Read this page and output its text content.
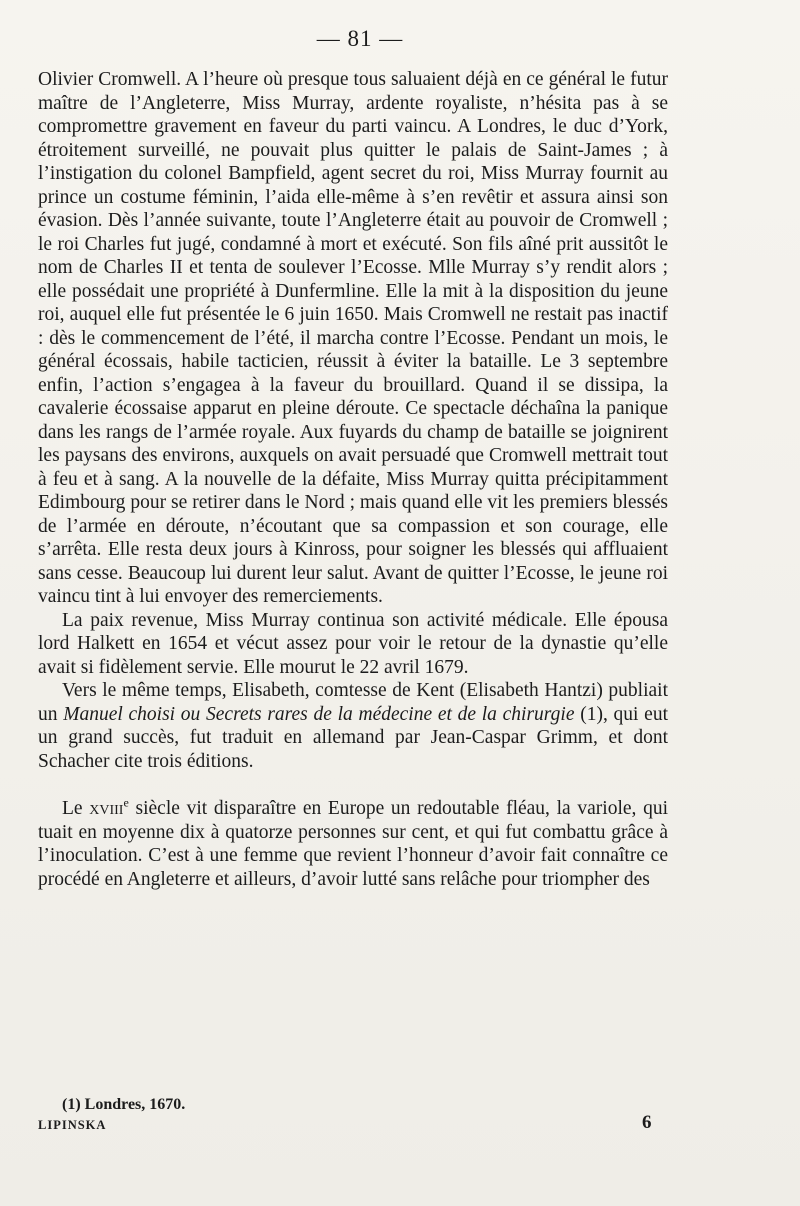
— 81 —

Olivier Cromwell. A l’heure où presque tous saluaient déjà en ce général le futur maître de l’Angleterre, Miss Murray, ardente royaliste, n’hésita pas à se compromettre gravement en faveur du parti vaincu. A Londres, le duc d’York, étroitement surveillé, ne pouvait plus quitter le palais de Saint-James ; à l’instigation du colonel Bampfield, agent secret du roi, Miss Murray fournit au prince un costume féminin, l’aida elle-même à s’en revêtir et assura ainsi son évasion. Dès l’année suivante, toute l’Angleterre était au pouvoir de Cromwell ; le roi Charles fut jugé, condamné à mort et exécuté. Son fils aîné prit aussitôt le nom de Charles II et tenta de soulever l’Ecosse. Mlle Murray s’y rendit alors ; elle possédait une propriété à Dunfermline. Elle la mit à la disposition du jeune roi, auquel elle fut présentée le 6 juin 1650. Mais Cromwell ne restait pas inactif : dès le commencement de l’été, il marcha contre l’Ecosse. Pendant un mois, le général écossais, habile tacticien, réussit à éviter la bataille. Le 3 septembre enfin, l’action s’engagea à la faveur du brouillard. Quand il se dissipa, la cavalerie écossaise apparut en pleine déroute. Ce spectacle déchaîna la panique dans les rangs de l’armée royale. Aux fuyards du champ de bataille se joignirent les paysans des environs, auxquels on avait persuadé que Cromwell mettrait tout à feu et à sang. A la nouvelle de la défaite, Miss Murray quitta précipitamment Edimbourg pour se retirer dans le Nord ; mais quand elle vit les premiers blessés de l’armée en déroute, n’écoutant que sa compassion et son courage, elle s’arrêta. Elle resta deux jours à Kinross, pour soigner les blessés qui affluaient sans cesse. Beaucoup lui durent leur salut. Avant de quitter l’Ecosse, le jeune roi vaincu tint à lui envoyer des remerciements.

La paix revenue, Miss Murray continua son activité médicale. Elle épousa lord Halkett en 1654 et vécut assez pour voir le retour de la dynastie qu’elle avait si fidèlement servie. Elle mourut le 22 avril 1679.

Vers le même temps, Elisabeth, comtesse de Kent (Elisabeth Hantzi) publiait un Manuel choisi ou Secrets rares de la médecine et de la chirurgie (1), qui eut un grand succès, fut traduit en allemand par Jean-Caspar Grimm, et dont Schacher cite trois éditions.

Le xviii$^e$ siècle vit disparaître en Europe un redoutable fléau, la variole, qui tuait en moyenne dix à quatorze personnes sur cent, et qui fut combattu grâce à l’inoculation. C’est à une femme que revient l’honneur d’avoir fait connaître ce procédé en Angleterre et ailleurs, d’avoir lutté sans relâche pour triompher des

(1) Londres, 1670.
LIPINSKA	6
